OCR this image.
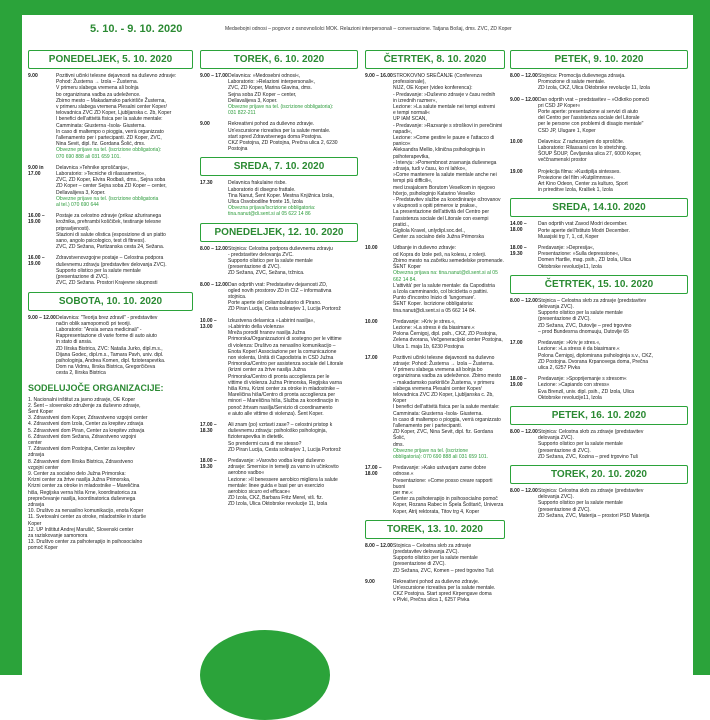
5. 10. - 9. 10. 2020	Medsebojni odnosi – pogovor z osnovnošolci MOK. Relazioni interpersonali – conversazione. Tatjana Bošaj, dms. ZVC, ZD Koper
PONEDELJEK, 5. 10. 2020
9.00	Pozitivni učinki telesne dejavnosti na duševno zdravje: Pohod: Žusterna → Izola – Žusterna.
V primeru slabega vremena ali bolnja
bo organizirana vadba za udeležence.
Zbirno mesto – Makadamsko parkirišče Žusterna,
v primeru slabega vremena Plesalni center Koper/
telovadnica ZVC ZD Koper, Ljubljanska c. 2b, Koper
I benefici dell'attività fisica per la salute mentale:
Camminata: Giusterna -Isola- Giusterna.
In caso di maltempo o pioggia, verrà organizzato
l'allenamento per i partecipanti. ZD Koper, ZVC,
Nina Sevit, dipl. fiz. Gordana Šolić, dms.
Obvezne prijave na tel. (iscrizione obbligatoria):
070 690 888 ali 031 659 101.
9.00 in 17.00
Delavnica »Tehnike sproščanja«,
Laboratorio: »Tecniche di rilassamento«,
ZVC, ZD Koper, Elvira Rodbaš, dms., Sejna soba
ZD Koper – center Sejna soba ZD Koper – center,
Dellavalijeva 3, Koper.
Obvezne prijave na tel. (iscrizione obbligatoria
al tel.) 070 690 644
16.00 – 19.00
Postaje za celostno zdravje (prikaz ažuriranega
krožnika, prehrambi koščiček, testiranje telesne
pripravljenosti).
Stazioni di salute olistica (esposizione di un piatto
sano, angolo psicologico, test di fitness).
ZVC, ZD Sežana, Partizanska cesta 24, Sežana.
16.00 – 19.00
Zdravstvenovzgojne postaje – Celostna podpora
duševnemu zdravju (predstavitev delovanja ZVC).
Supporto olistico per la salute mentale
(presentazione di ZVC).
ZVC, ZD Sežana. Prostori Krajevne skupnosti
SOBOTA, 10. 10. 2020
9.00 – 12.00 Delavnica: "Teorija brez zdravil" - predstavitev
način oblik samopomoči pri teoriji.
Laboratorio: "Ansia senza medicinali" -
Rappresentazione di varie forme di auto aiuto
in stato di ansia.
ZD Ilirska Bistrica, ZVC: Nataša Jurko, dipl.m.s.,
Dijana Godec, dipl.m.s., Tamara Pavh, univ. dipl.
psihologinja, Andrea Komen, dipl. fizioterapevtka.
Dom na Vidmu, Ilirska Bistrica, Gregorčičeva
cesta 2, Ilirska Bistrica
SODELUJOČE ORGANIZACIJE:
1. Nacionalni inštitut za javno zdravje, OE Koper
2. Šent – slovensko združenje za duševno zdravje,
Šent Koper
3. Zdravstveni dom Koper, Zdravstveno vzgojni center
4. Zdravstveni dom Izola, Center za krepitev zdravja
5. Zdravstveni dom Piran, Center za krepitev zdravja
6. Zdravstveni dom Sežana, Zdravstveno vzgojni
center
7. Zdravstveni dom Postojna, Center za krepitev
zdravja
8. Zdravstveni dom Ilirska Bistrica, Zdravstveno
vzgojni center
9. Center za socialno delo Južna Primorska:
Krizni center za žrtve nasilja Južna Primorska,
Krizni center za otroke in mladostnike – Mareličina
hiša, Regijska verna hiša Krne, koordinatorica za
preprečevanje nasilja, koordinatorica duševnega
zdravja
10. Društvo za nenasilno komunikacijo, enota Koper
11. Svetovalni center za otroke, mladostnike in starše
Koper
12. UP Inštitut Andrej Marušič, Slovenski center
za raziskovanje samomora
13. Društvo center za psihoterapijo in psihosocialno
pomoč Koper
TOREK, 6. 10. 2020
9.00 – 17.00 Delavnica: »Medosebni odnosi«,
Laboratorio: »Relazioni interpersonali«,
ZVC, ZD Koper, Marina Glavina, dms.
Sejna soba ZD Koper – center,
Dellavalijeva 3, Koper.
Obvezne prijave na tel. (iscrizione obbligatoria):
031 822-211
9.00	Rekreativni pohod za duševno zdravje.
Un'escursione ricreativa per la salute mentale.
start spred Zdravstvenega doma Postojna.
CKZ Postojna, ZD Postojna, Prečna ulica 2, 6230
Postojna
SREDA, 7. 10. 2020
17.30	Delavnica frakulaine risbe.
Laboratorio di disegno frattale.
Tina Nanut, Šent Koper. Mestna Knjižnica Izola,
Ulica Osvobodilne fronte 15, Izola
Obvezna prijava/Iscrizione obbligatoria:
tina.nanut@di.sent.si al 05 622 14 86
PONEDELJEK, 12. 10. 2020
8.00 – 12.00 Stojnica: Celostna podpora duševnemu zdravju
- predstavitev delovanja ZVC.
Supporto olistico per la salute mentale
(presentazione di ZVC).
ZD Sežana, ZVC, Sežana, tržnica.
8.00 – 12.00 Dan odprtih vrat: Predstavitev dejavnosti ZD,
ogled novih prostorov ZD in CIZ – informativna
stojnica.
Porte aperte del poliambulatorio di Pirano.
ZD Piran Lucija, Cesta solinarjev 1, Lucija Portorož
10.00 – 13.00
Izkustvena delavnica »Labirint nasilja«,
»Labirinto della violenza«
Mreža porodil hranov nasilja Južna
Primorska/Organizzazioni di sostegno per le vittime
di violenza: Društvo za nenasilno komunikacijo –
Enota Koper/ Associazione per la comunicazione
non violenta, Unità di Capodistria in CSD Južna
Primorska/Centro per assistenza sociale del Litorale
(krizni center za žrtve nasilja Južna
Primorska/Centro di pronta accoglienza per le
vittime di violenza Južna Primorska, Regijska varna
hiša Krnu, Krizni center za otroke in mladostnike –
Mareličina hiša/Centro di pronta accoglienza per
minori – Mareličina hiša, Služba za koordinacijo in
ponoč žrtvam nasilja/Servizio di coordinamento
e aiuto alle vittime di violenza). Šent Koper.
17.00 – 18.30
Ali znam (po) vzrtavti zase? – celostni pristop k
duševnemu zdravju: psihološko psihologinja,
fizioterapevtka in dietetik.
So prendermi cura di me stesso?
ZD Piran Lucija, Cesta solinarjev 1, Lucija Portorož
18.00 – 19.30
Predavanje: »Varovbo vodba krepi duševno
zdravje: Smernice in temelji za varno in učinkovito
aerobno vadbo«
Lezione: »Il benessere aerobico migliora la salute
mentale: linee guida e basi per un esercizio
aerobico sicuro ed efficace«
ZD Izola, CKZ, Barbara Fritz Merel, viš. fiz.
ZD Izola, Ulica Oktobrske revolucije 11, Izola
ČETRTEK, 8. 10. 2020
9.00 – 16.00 STROKOVNO SREČANJE (Conferenza professionale),
NIJZ, OE Koper (video konferenca):
- Predavanje: »Duševno zdravje v času rednih
in izrednih razmer«,
Lezione: »La salute mentale nei tempi estremi
e tempi normali«
UP IAM SCAN,
- Predavanje: »Razvanje s stroškovi in perečinimi
napadi«,
Lezione: »Come gestire le paure e l'attacco di
panico«
Aleksandra Mellio, klinična psihologinja in
psihoterapevtka,
- Intervju: »Pomembnost zravnanja duševnega
zdravja, tudi v času, ko ni lahko«,
»Come mantenere la salute mentale anche nei
tempi più difficili«,
med izvajalcem Borutom Veselkom in njegovo
hčerjo, psihologinjo Katarino Veselko
- Predstavitev službe za koordiniranje ožrovanov
v skupnosti s opiti primerov iz prakse.,
La presentazione dell'attività del Centro per
l'assistenza sociale del Litorale con esempi
pratici.,
Gigliola Kravel, unlydipl.soc.del.,
Center za socialno delo Južna Primorska
10.00	Udbanje in duševno zdravje:
od Kopra do Izole peš, na kolesu, z rolerji.
Zbirno mesto na začetku semedelske promenade.
ŠENT Koper
Obvezna prijava na: tina.nanut@di.sent.si al 05 662 14 84.
L'attività' per la salute mentale: da Capodistria
a Izola camminando, col bicicletta o pattini.
Punto d'incontro Inizio di 'lungomare'.
ŠENT Koper. Iscrizione obbligatoria:
tina.nanut@di.sent.si a 05 662 14 84.
10.00	Predavanje: »Kriv je stres.«,
Lezione: »La stress è da biasimare.«
Polona Černigoj, dipl. psih., CKZ, ZD Postojna,
Zelena dvorana, Večgeneracijski center Postojna,
Ulica 1. maja 1b, 6230 Postojna
17.00	Pozitivni učinki telesne dejavnosti na duševno
zdravje: Pohod: Žusterna → Izola – Žusterna.
V primeru slabega vremena ali bolnja bo
organizirana vadba za udeležence. Zbirno mesto
– makadamsko parkirišče Žusterna, v primeru
slabega vremena Plesalni center Koper/
telovadnica ZVC ZD Koper, Ljubljanska c. 2b, Koper
I benefici dell'attività fisica per la salute mentale:
Camminata: Giusterna -Isola- Giusterna.
In caso di maltempo o pioggia, verrà organizzato
l'allenamento per i partecipanti.
ZD Koper, ZVC, Nina Sevit, dipl. fiz. Gordana Šolić,
dms.
Obvezne prijave na tel. (iscrizione
obbligatoria): 070 690 888 ali 031 659 101.
17.00 – 18.00
Predavanje: »Kako ustvarjam zame dobre
odnose.«
Presentazione: »Come posso creare rapporti buoni
per me.«
Center za psihoterapijo in psihosocialno pomoč
Koper, Rozana Rabec in Špela Šoštarič, Univerza
Koper, Atrij rektorata, Titov trg 4, Koper
TOREK, 13. 10. 2020
8.00 – 12.00 Stojnica – Celostna skrb za zdravje
(predstavitev delovanja ZVC).
Supporto olistico per la salute mentale
(presentazione di ZVC).
ZD Sežana, ZVC, Komen – pred trgovino Tuš
9.00	Rekreativni pohod za duševno zdravje.
Un'escursione ricreativa per la salute mentale.
CKZ Postojna. Start spred Kirpengave doma
v Pivki, Prečna ulica 1, 6257 Pivka
PETEK, 9. 10. 2020
8.00 – 12.00 Stojnica: Promocija duševnega zdravja.
Promozione di salute mentale.
ZD Izola, CKZ, Ulica Oktobrske revolucije 11, Izola
9.00 – 12.00 Dan odprtih vrat – predstavitev – »Odkriko pomoči
pri CSD JP Koper«
Porte aperte: presentazione ai servizi di aiuto
del Centro per l'assistenza sociale del Litorale
per le persone con problemi di disagio mentale"
CSD JP, Ulugare 1, Koper
10.00	Delavnica: Z raztezanjem do sproščite.
Laboratorio: Rilassarsi con lo stretching.
ŠOUP ŠOUP, Čevljarska ulica 27, 6000 Koper,
veččnamenski prostor
19.00	Projekcija filma: »Kustipilja sintesses.
Proiezione del film »Kutpilmnnse«.
Art Kino Odeon, Center za kulturo, Sport
in prireditve Izola, Kralšek 1, Izola
SREDA, 14.10. 2020
14.00 – 18.00
Dan odprtih vrat Zavod Modri december.
Porte aperte dell'Istituto Modri December.
Muasjski trg 7, 1, cd, Koper
18.00 – 19.30
Predavanje: »Depresija«,
Presentazione: »Sulla depressione«,
Domen Hartlie, mag. psih., ZD Izola, Ulica
Oktobrske revolucije11, Izola
ČETRTEK, 15. 10. 2020
8.00 – 12.00 Stojnica – Celostna skrb za zdravje (predstavitev
delovanja ZVC).
Supporto olistico per la salute mentale
(presentazione di ZVC).
ZD Sežana, ZVC, Dutovlje – pred trgovino
– prod Bundesrna dnomuuju, Dutovlje 65
17.00	Predavanje: »Kriv je stres.«,
Lezione: »La stress è da biasimare.«
Polona Černigoj, diplomirana psihologinja s.v., CKZ,
ZD Postojna. Dvorana Krpanovega doma, Prečna
ulica 2, 6257 Pivka
18.00 – 19.00
Predavanje: »Spoprijemanje s stresom«
Lezione: »Capiando con stress«
Eva Brenzil, univ. dipl. psih., ZD Izola, Ulica
Oktobrske revolucije11, Izola
PETEK, 16. 10. 2020
8.00 – 12.00 Stojnica: Celostna skrb za zdravje (predstavitev
delovanja ZVC).
Supporto olistico per la salute mentale
(presentazione di ZVC).
ZD Sežana, ZVC, Kozina – pred trgovino Tuš
TOREK, 20. 10. 2020
8.00 – 12.00 Stojnica: Celostna skrb za zdravje (predstavitev
delovanja ZVC).
Supporto olistico per la salute mentale
(presentazione di ZVC).
ZD Sežana, ZVC, Materija – prostori PSD Materija
